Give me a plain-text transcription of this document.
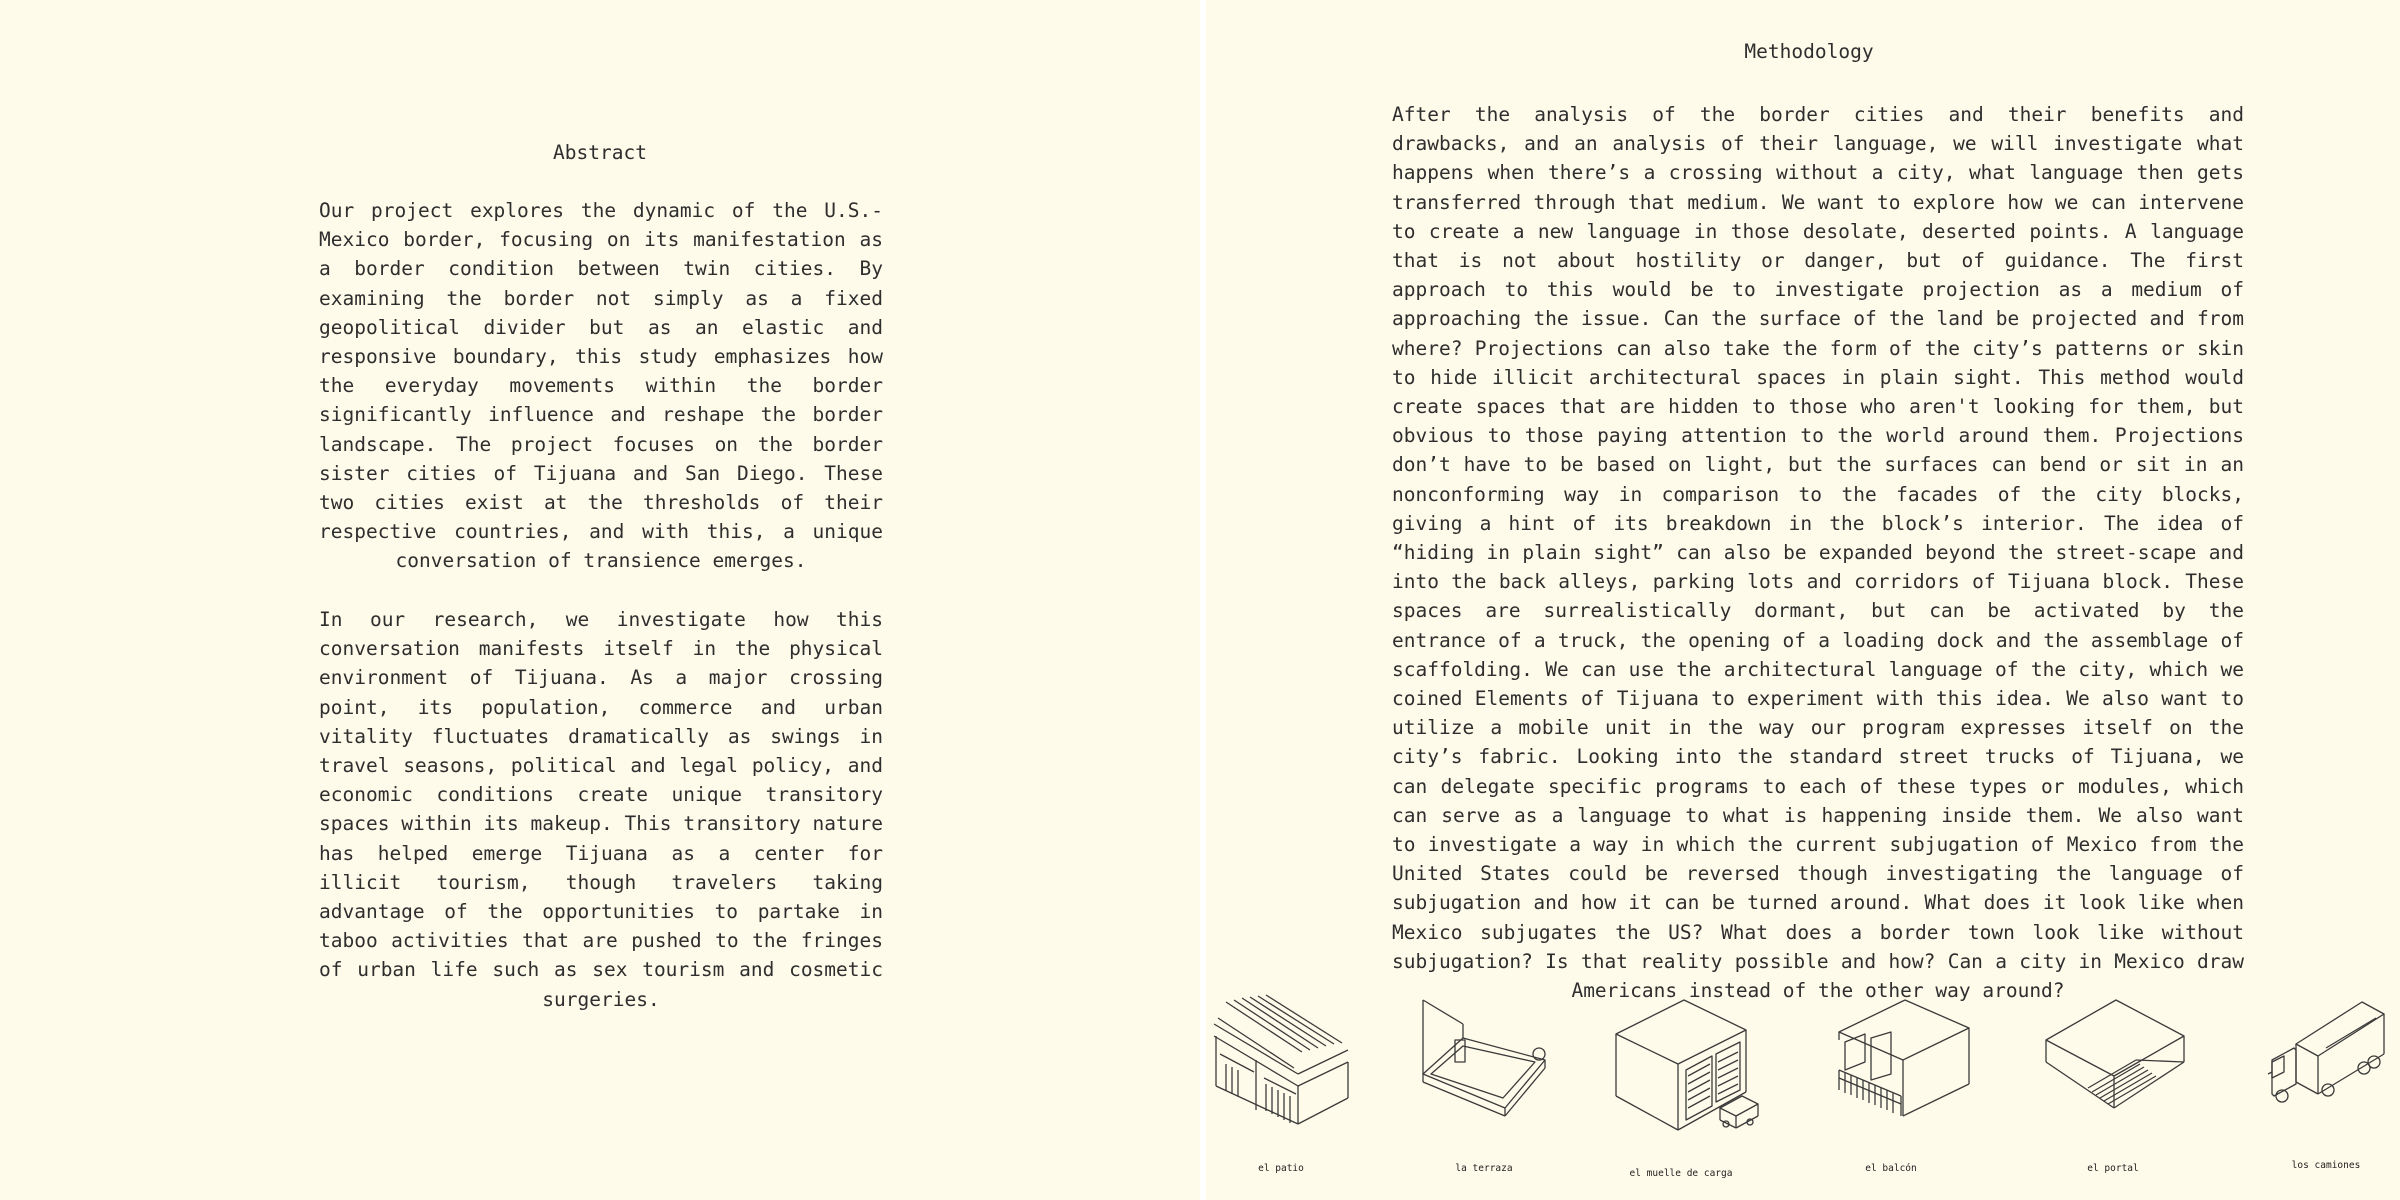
Abstract

Our project explores the dynamic of the U.S.-Mexico border, focusing on its manifestation as a border condition between twin cities. By examining the border not simply as a fixed geopolitical divider but as an elastic and responsive boundary, this study emphasizes how the everyday movements within the border significantly influence and reshape the border landscape. The project focuses on the border sister cities of Tijuana and San Diego. These two cities exist at the thresholds of their respective countries, and with this, a unique conversation of transience emerges.

In our research, we investigate how this conversation manifests itself in the physical environment of Tijuana. As a major crossing point, its population, commerce and urban vitality fluctuates dramatically as swings in travel seasons, political and legal policy, and economic conditions create unique transitory spaces within its makeup. This transitory nature has helped emerge Tijuana as a center for illicit tourism, though travelers taking advantage of the opportunities to partake in taboo activities that are pushed to the fringes of urban life such as sex tourism and cosmetic surgeries.

Methodology

After the analysis of the border cities and their benefits and drawbacks, and an analysis of their language, we will investigate what happens when there’s a crossing without a city, what language then gets transferred through that medium. We want to explore how we can intervene to create a new language in those desolate, deserted points. A language that is not about hostility or danger, but of guidance. The first approach to this would be to investigate projection as a medium of approaching the issue. Can the surface of the land be projected and from where? Projections can also take the form of the city’s patterns or skin to hide illicit architectural spaces in plain sight. This method would create spaces that are hidden to those who aren't looking for them, but obvious to those paying attention to the world around them. Projections don’t have to be based on light, but the surfaces can bend or sit in an nonconforming way in comparison to the facades of the city blocks, giving a hint of its breakdown in the block’s interior. The idea of “hiding in plain sight” can also be expanded beyond the street-scape and into the back alleys, parking lots and corridors of Tijuana block. These spaces are surrealistically dormant, but can be activated by the entrance of a truck, the opening of a loading dock and the assemblage of scaffolding. We can use the architectural language of the city, which we coined Elements of Tijuana to experiment with this idea. We also want to utilize a mobile unit in the way our program expresses itself on the city’s fabric. Looking into the standard street trucks of Tijuana, we can delegate specific programs to each of these types or modules, which can serve as a language to what is happening inside them. We also want to investigate a way in which the current subjugation of Mexico from the United States could be reversed though investigating the language of subjugation and how it can be turned around. What does it look like when Mexico subjugates the US? What does a border town look like without subjugation? Is that reality possible and how? Can a city in Mexico draw Americans instead of the other way around?

el patio	la terraza	el muelle de carga	el balcón	el portal	los camiones
